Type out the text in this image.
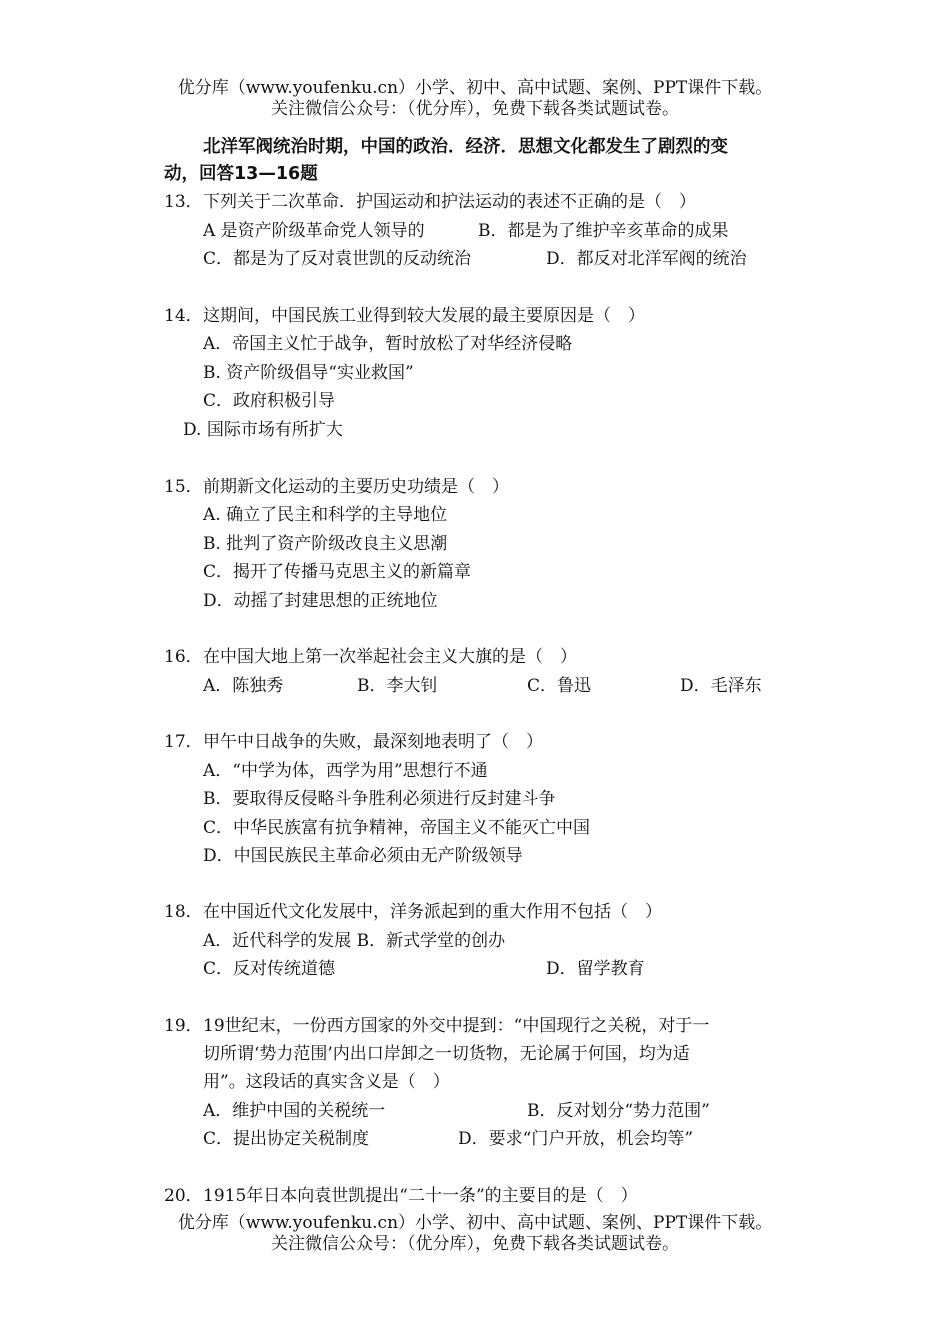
优分库（www.youfenku.cn）小学、初中、高中试题、案例、PPT课件下载。
关注微信公众号：（优分库），免费下载各类试题试卷。
北洋军阀统治时期，中国的政治．经济．思想文化都发生了剧烈的变
动，回答13—16题
13．下列关于二次革命．护国运动和护法运动的表述不正确的是（　）
A 是资产阶级革命党人领导的	B．都是为了维护辛亥革命的成果
C．都是为了反对袁世凯的反动统治	D．都反对北洋军阀的统治
14．这期间，中国民族工业得到较大发展的最主要原因是（　）
A．帝国主义忙于战争，暂时放松了对华经济侵略
B. 资产阶级倡导“实业救国”
C．政府积极引导
D. 国际市场有所扩大
15．前期新文化运动的主要历史功绩是（　）
A. 确立了民主和科学的主导地位
B. 批判了资产阶级改良主义思潮
C．揭开了传播马克思主义的新篇章
D．动摇了封建思想的正统地位
16．在中国大地上第一次举起社会主义大旗的是（　）
A．陈独秀	B．李大钊	C．鲁迅	D．毛泽东
17．甲午中日战争的失败，最深刻地表明了（　）
A．“中学为体，西学为用”思想行不通
B．要取得反侵略斗争胜利必须进行反封建斗争
C．中华民族富有抗争精神，帝国主义不能灭亡中国
D．中国民族民主革命必须由无产阶级领导
18．在中国近代文化发展中，洋务派起到的重大作用不包括（　）
A．近代科学的发展 B．新式学堂的创办
C．反对传统道德	D．留学教育
19．19世纪末，一份西方国家的外交中提到：“中国现行之关税，对于一
切所谓‘势力范围’内出口岸卸之一切货物，无论属于何国，均为适
用”。这段话的真实含义是（　）
A．维护中国的关税统一	B．反对划分“势力范围”
C．提出协定关税制度	D．要求“门户开放，机会均等”
20．1915年日本向袁世凯提出“二十一条”的主要目的是（　）
优分库（www.youfenku.cn）小学、初中、高中试题、案例、PPT课件下载。
关注微信公众号：（优分库），免费下载各类试题试卷。
